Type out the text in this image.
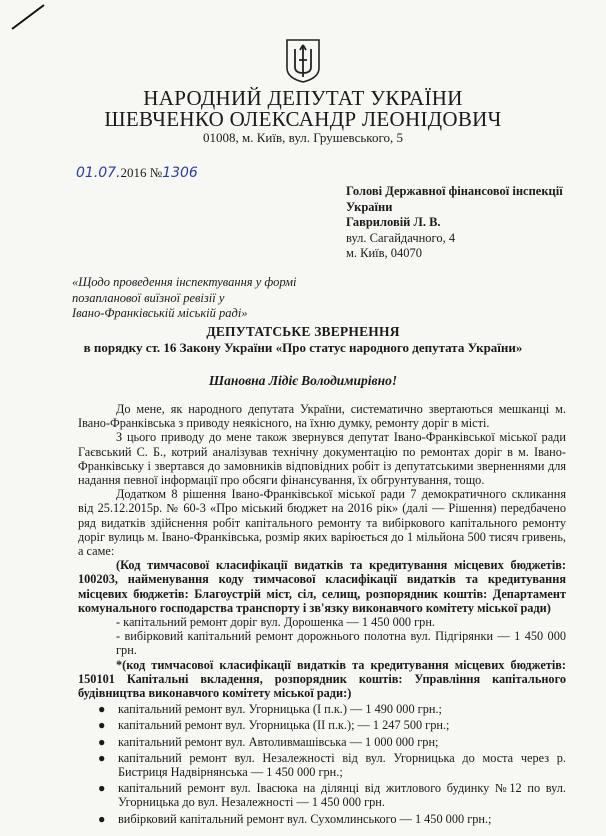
НАРОДНИЙ ДЕПУТАТ УКРАЇНИ
ШЕВЧЕНКО ОЛЕКСАНДР ЛЕОНІДОВИЧ
01008, м. Київ, вул. Грушевського, 5
01.07.2016 №1306
Голові Державної фінансової інспекції
України
Гавриловій Л. В.
вул. Сагайдачного, 4
м. Київ, 04070
«Щодо проведення інспектування у формі
позапланової виїзної ревізії у
Івано-Франківській міській раді»
ДЕПУТАТСЬКЕ ЗВЕРНЕННЯ
в порядку ст. 16 Закону України «Про статус народного депутата України»
Шановна Лідіє Володимирівно!

До мене, як народного депутата України, систематично звертаються мешканці м. Івано-Франківська з приводу неякісного, на їхню думку, ремонту доріг в місті.

З цього приводу до мене також звернувся депутат Івано-Франківської міської ради Гаєвський С. Б., котрий аналізував технічну документацію по ремонтах доріг в м. Івано-Франківську і звертався до замовників відповідних робіт із депутатськими зверненнями для надання певної інформації про обсяги фінансування, їх обгрунтування, тощо.

Додатком 8 рішення Івано-Франківської міської ради 7 демократичного скликання від 25.12.2015р. № 60-3 «Про міський бюджет на 2016 рік» (далі — Рішення) передбачено ряд видатків здійснення робіт капітального ремонту та вибіркового капітального ремонту доріг вулиць м. Івано-Франківська, розмір яких варіюється до 1 мільйона 500 тисяч гривень, а саме:

(Код тимчасової класифікації видатків та кредитування місцевих бюджетів: 100203, найменування коду тимчасової класифікації видатків та кредитування місцевих бюджетів: Благоустрій міст, сіл, селищ, розпорядник коштів: Департамент комунального господарства транспорту і зв'язку виконавчого комітету міської ради)

- капітальний ремонт доріг вул. Дорошенка — 1 450 000 грн.

- вибірковий капітальний ремонт дорожнього полотна вул. Підгірянки — 1 450 000 грн.

*(код тимчасової класифікації видатків та кредитування місцевих бюджетів: 150101 Капітальні вкладення, розпорядник коштів: Управління капітального будівництва виконавчого комітету міської ради:)

● капітальний ремонт вул. Угорницька (І п.к.) — 1 490 000 грн.;
● капітальний ремонт вул. Угорницька (ІІ п.к.); — 1 247 500 грн.;
● капітальний ремонт вул. Автоливмашівська — 1 000 000 грн;
● капітальний ремонт вул. Незалежності від вул. Угорницька до моста через р. Бистриця Надвірнянська — 1 450 000 грн.;
● капітальний ремонт вул. Івасюка на ділянці від житлового будинку №12 по вул. Угорницька до вул. Незалежності — 1 450 000 грн.
● вибірковий капітальний ремонт вул. Сухомлинського — 1 450 000 грн.;
